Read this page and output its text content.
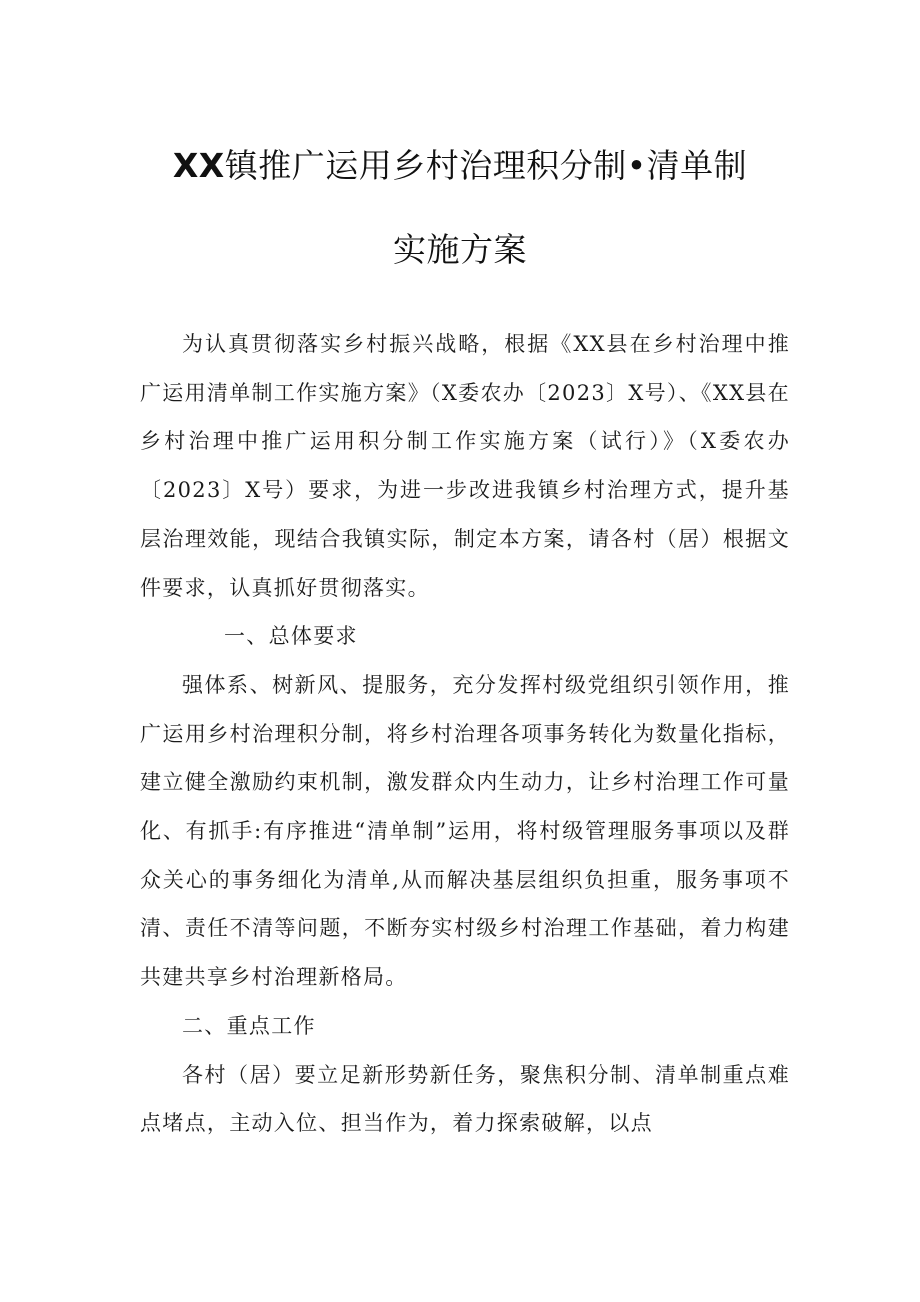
XX镇推广运用乡村治理积分制•清单制
实施方案

为认真贯彻落实乡村振兴战略，根据《XX县在乡村治理中推广运用清单制工作实施方案》（X委农办〔2023〕X号）、《XX县在乡村治理中推广运用积分制工作实施方案（试行）》（X委农办〔2023〕X号）要求，为进一步改进我镇乡村治理方式，提升基层治理效能，现结合我镇实际，制定本方案，请各村（居）根据文件要求，认真抓好贯彻落实。

一、总体要求

强体系、树新风、提服务，充分发挥村级党组织引领作用，推广运用乡村治理积分制，将乡村治理各项事务转化为数量化指标，建立健全激励约束机制，激发群众内生动力，让乡村治理工作可量化、有抓手:有序推进“清单制”运用，将村级管理服务事项以及群众关心的事务细化为清单,从而解决基层组织负担重，服务事项不清、责任不清等问题，不断夯实村级乡村治理工作基础，着力构建共建共享乡村治理新格局。

二、重点工作

各村（居）要立足新形势新任务，聚焦积分制、清单制重点难点堵点，主动入位、担当作为，着力探索破解，以点
